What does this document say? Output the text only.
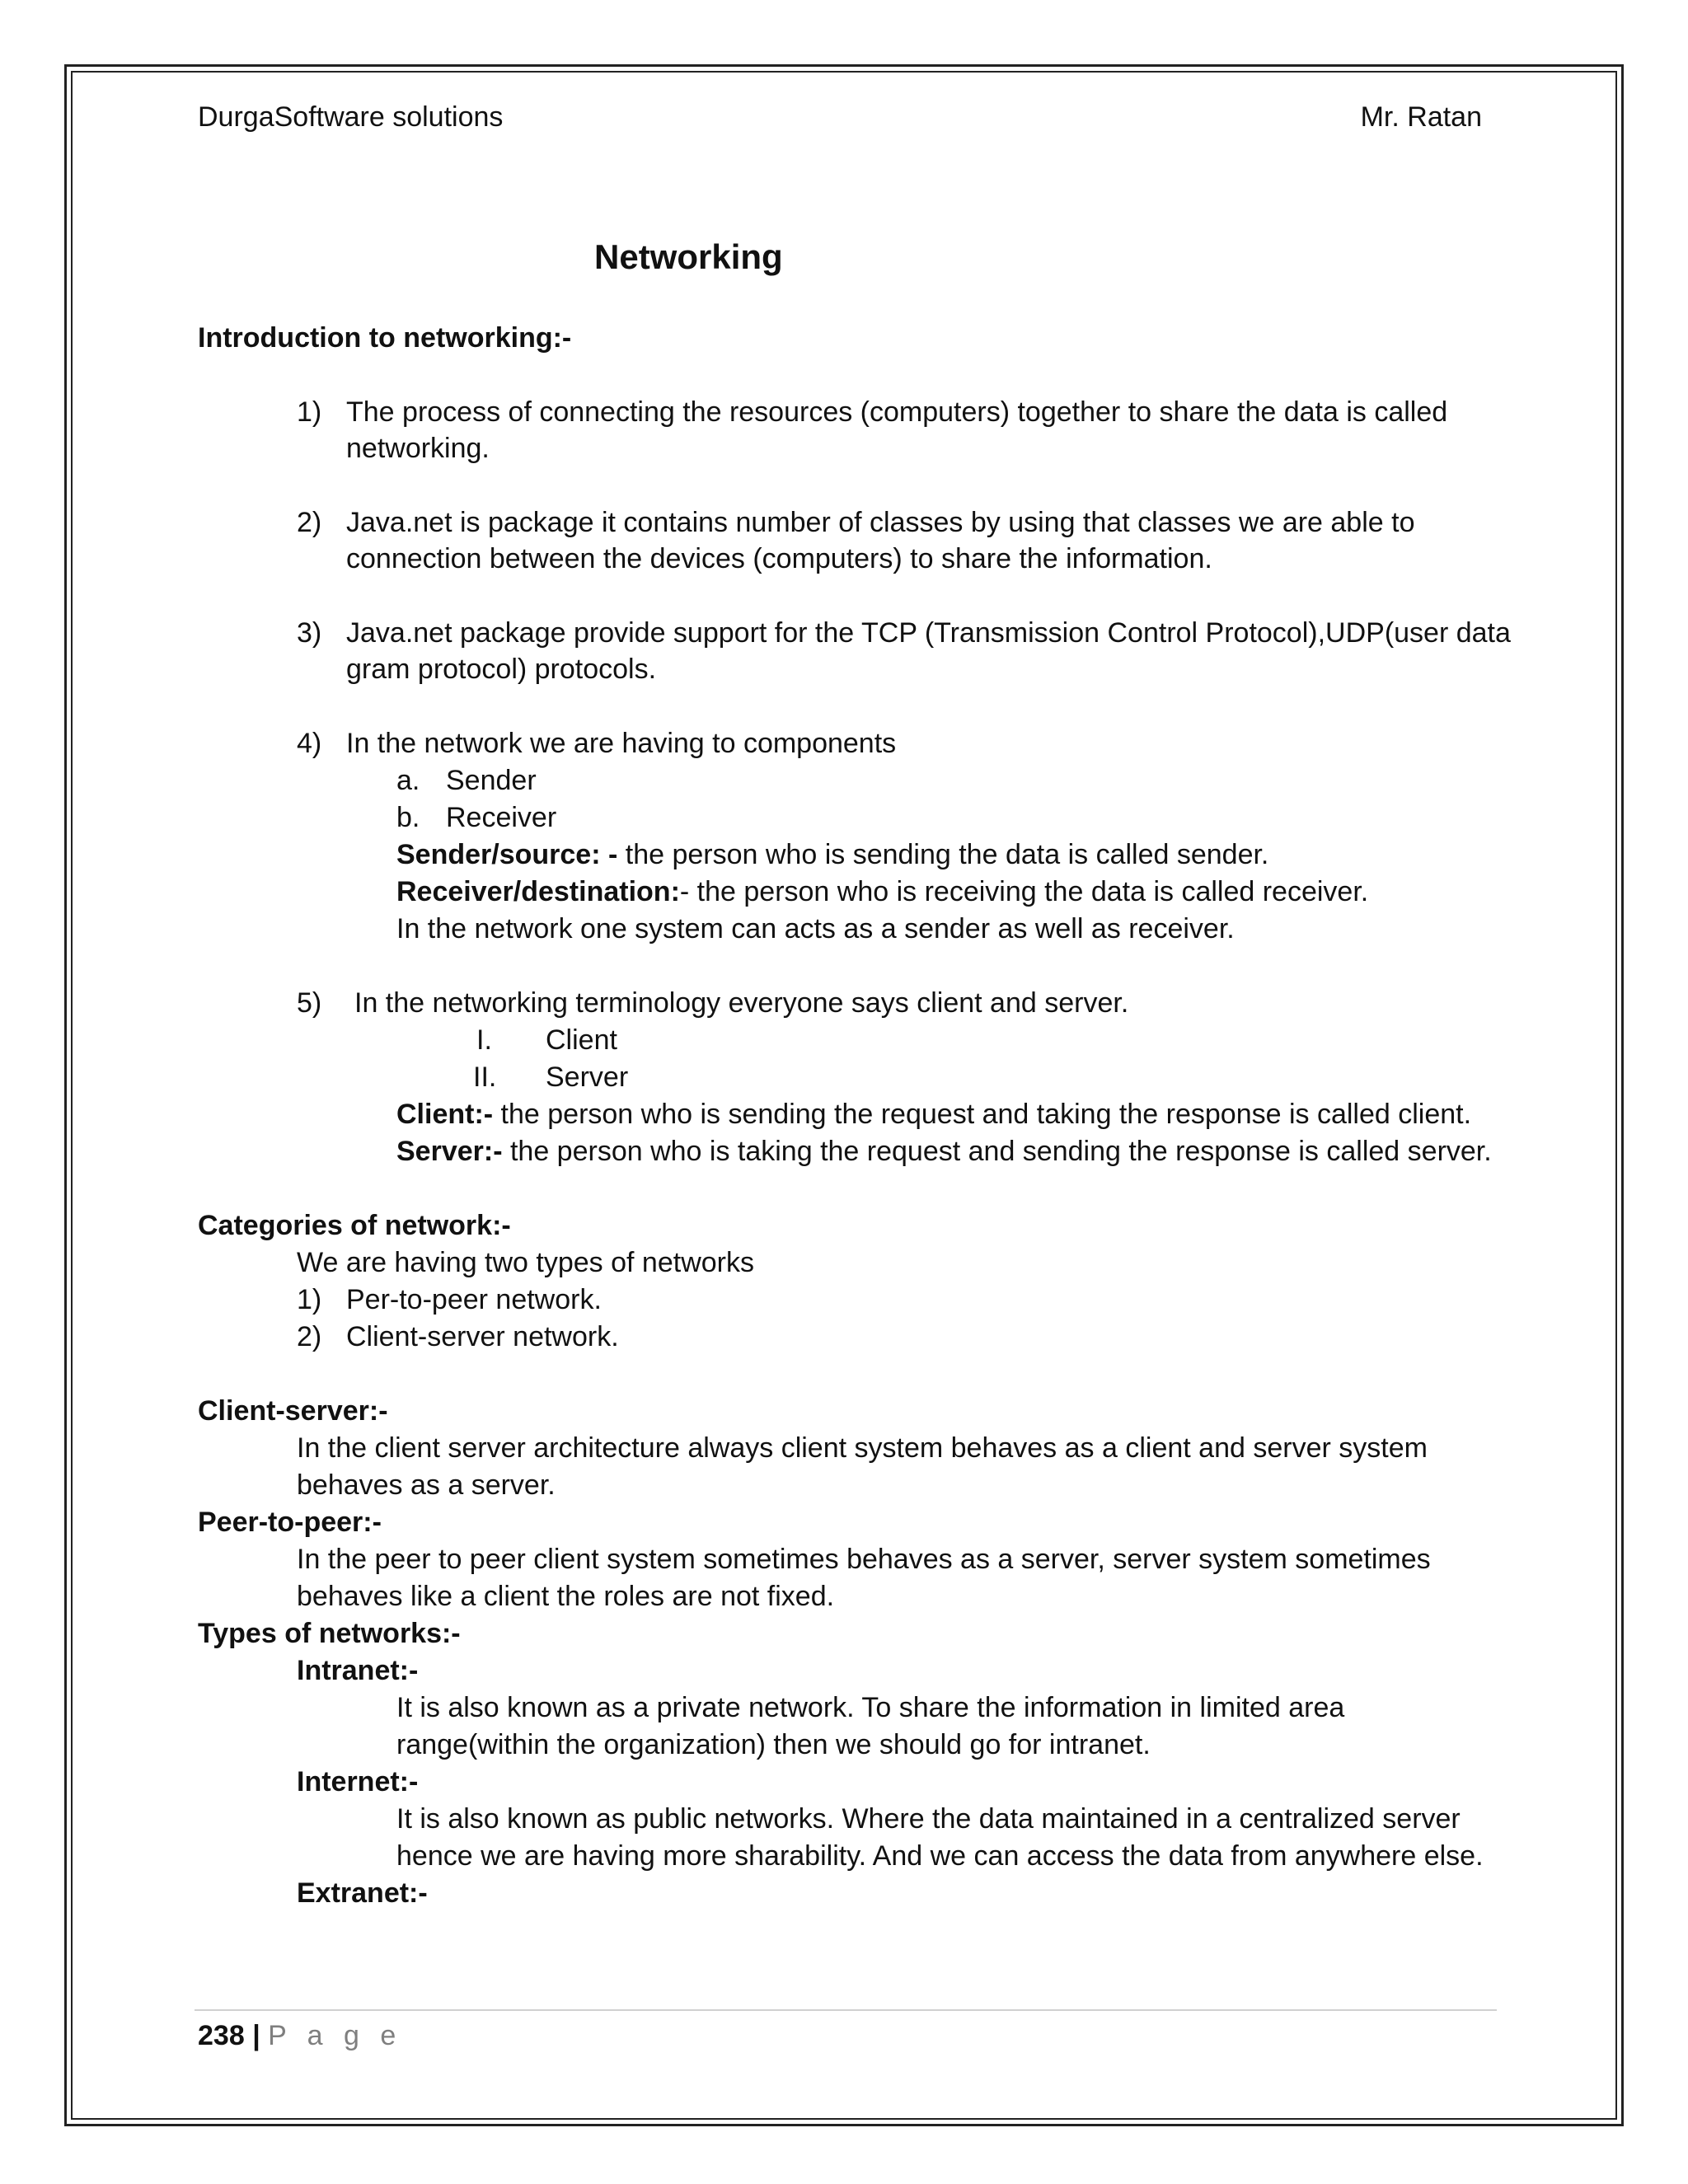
DurgaSoftware solutions	Mr. Ratan
Networking
Introduction to networking:-
1) The process of connecting the resources (computers) together to share the data is called
networking.
2) Java.net is package it contains number of classes by using that classes we are able to
connection between the devices (computers) to share the information.
3) Java.net package provide support for the TCP (Transmission Control Protocol),UDP(user data
gram protocol) protocols.
4) In the network we are having to components
a. Sender
b. Receiver
Sender/source: - the person who is sending the data is called sender.
Receiver/destination:- the person who is receiving the data is called receiver.
In the network one system can acts as a sender as well as receiver.
5) In the networking terminology everyone says client and server.
I. Client
II. Server
Client:- the person who is sending the request and taking the response is called client.
Server:- the person who is taking the request and sending the response is called server.
Categories of network:-
We are having two types of networks
1) Per-to-peer network.
2) Client-server network.
Client-server:-
In the client server architecture always client system behaves as a client and server system
behaves as a server.
Peer-to-peer:-
In the peer to peer client system sometimes behaves as a server, server system sometimes
behaves like a client the roles are not fixed.
Types of networks:-
Intranet:-
It is also known as a private network. To share the information in limited area
range(within the organization) then we should go for intranet.
Internet:-
It is also known as public networks. Where the data maintained in a centralized server
hence we are having more sharability. And we can access the data from anywhere else.
Extranet:-
238 | P a g e
